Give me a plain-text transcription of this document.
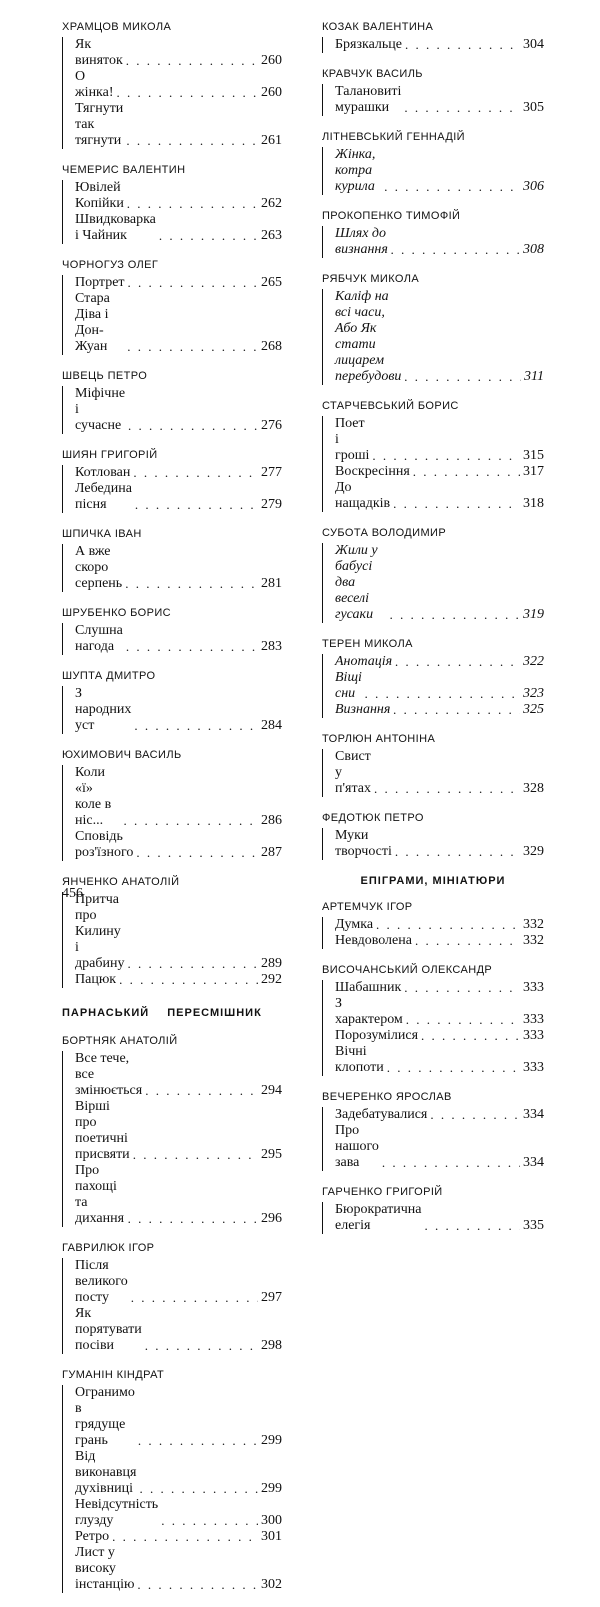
ХРАМЦОВ МИКОЛА
Як виняток . . .	260
О жінка! . . .	260
Тягнути так тягнути . . .	261
ЧЕМЕРИС ВАЛЕНТИН
Ювілей Копійки . . .	262
Швидковарка і Чайник . . .	263
ЧОРНОГУЗ ОЛЕГ
Портрет . . .	265
Стара Діва і Дон-Жуан . . .	268
ШВЕЦЬ ПЕТРО
Міфічне і сучасне . . .	276
ШИЯН ГРИГОРІЙ
Котлован . . .	277
Лебедина пісня . . .	279
ШПИЧКА ІВАН
А вже скоро серпень . . .	281
ШРУБЕНКО БОРИС
Слушна нагода . . .	283
ШУПТА ДМИТРО
З народних уст . . .	284
ЮХИМОВИЧ ВАСИЛЬ
Коли «ї» коле в ніс... . . .	286
Сповідь роз'їзного . . .	287
ЯНЧЕНКО АНАТОЛІЙ
Притча про Килину
і драбину . . .	289
Пацюк . . .	292
ПАРНАСЬКИЙ ПЕРЕСМІШНИК
БОРТНЯК АНАТОЛІЙ
Все тече, все змінюється . . .	294
Вірші про поетичні
присвяти . . .	295
Про пахощі та дихання . . .	296
ГАВРИЛЮК ІГОР
Після великого посту . . .	297
Як порятувати посіви . . .	298
ГУМАНІН КІНДРАТ
Огранимо в грядуще
грань . . .	299
Від виконавця духівниці . . .	299
Невідсутність глузду . . .	300
Ретро . . .	301
Лист у високу інстанцію . . .	302
КОЗАК ВАЛЕНТИНА
Брязкальце . . .	304
КРАВЧУК ВАСИЛЬ
Талановиті мурашки . . .	305
ЛІТНЕВСЬКИЙ ГЕННАДІЙ
Жінка, котра курила . . .	306
ПРОКОПЕНКО ТИМОФІЙ
Шлях до визнання . . .	308
РЯБЧУК МИКОЛА
Каліф на всі часи,
Або Як стати лицарем
перебудови . . .	311
СТАРЧЕВСЬКИЙ БОРИС
Поет і гроші . . .	315
Воскресіння . . .	317
До нащадків . . .	318
СУБОТА ВОЛОДИМИР
Жили у бабусі два веселі
гусаки . . .	319
ТЕРЕН МИКОЛА
Анотація . . .	322
Віщі сни . . .	323
Визнання . . .	325
ТОРЛЮН АНТОНІНА
Свист у п'ятах . . .	328
ФЕДОТЮК ПЕТРО
Муки творчості . . .	329
ЕПІГРАМИ, МІНІАТЮРИ
АРТЕМЧУК ІГОР
Думка . . .	332
Невдоволена . . .	332
ВИСОЧАНСЬКИЙ ОЛЕКСАНДР
Шабашник . . .	333
З характером . . .	333
Порозумілися . . .	333
Вічні клопоти . . .	333
ВЕЧЕРЕНКО ЯРОСЛАВ
Задебатувалися . . .	334
Про нашого зава . . .	334
ГАРЧЕНКО ГРИГОРІЙ
Бюрократична елегія . . .	335
456
